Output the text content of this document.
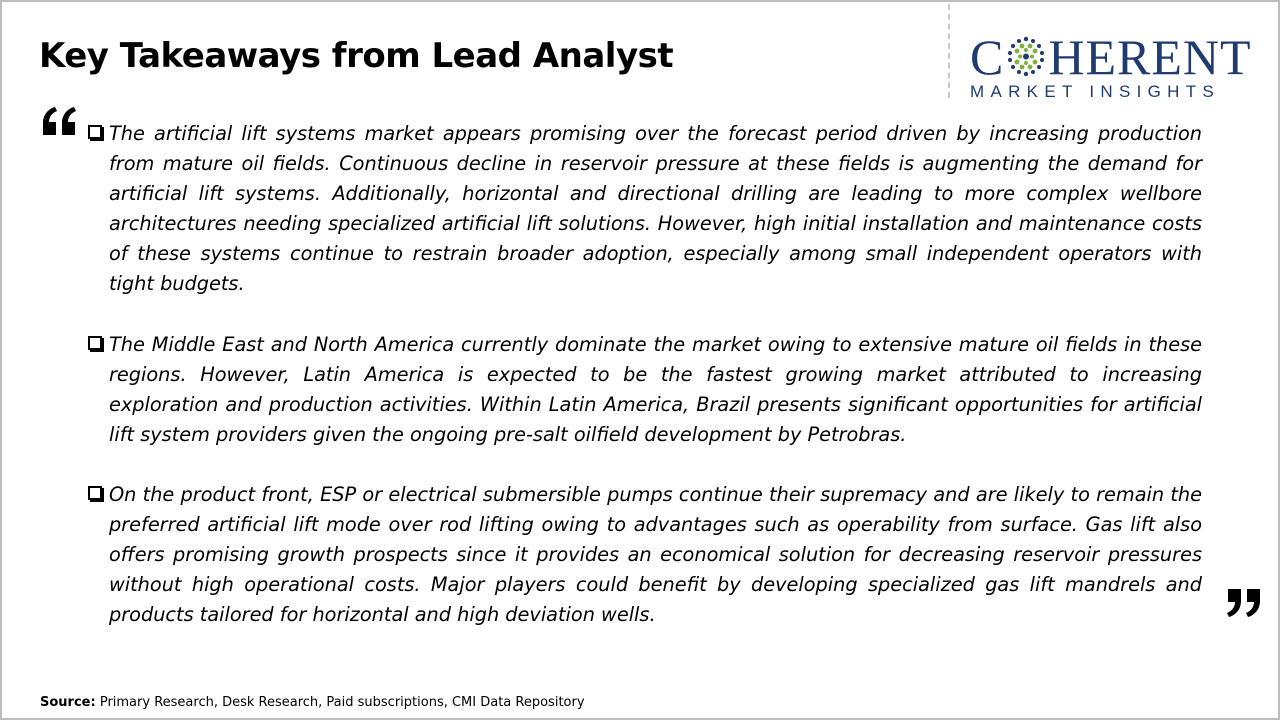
Key Takeaways from Lead Analyst	C HERENT
MARKET INSIGHTS

The artificial lift systems market appears promising over the forecast period driven by increasing production from mature oil fields. Continuous decline in reservoir pressure at these fields is augmenting the demand for artificial lift systems. Additionally, horizontal and directional drilling are leading to more complex wellbore architectures needing specialized artificial lift solutions. However, high initial installation and maintenance costs of these systems continue to restrain broader adoption, especially among small independent operators with tight budgets.

The Middle East and North America currently dominate the market owing to extensive mature oil fields in these regions. However, Latin America is expected to be the fastest growing market attributed to increasing exploration and production activities. Within Latin America, Brazil presents significant opportunities for artificial lift system providers given the ongoing pre-salt oilfield development by Petrobras.

On the product front, ESP or electrical submersible pumps continue their supremacy and are likely to remain the preferred artificial lift mode over rod lifting owing to advantages such as operability from surface. Gas lift also offers promising growth prospects since it provides an economical solution for decreasing reservoir pressures without high operational costs. Major players could benefit by developing specialized gas lift mandrels and products tailored for horizontal and high deviation wells.

Source: Primary Research, Desk Research, Paid subscriptions, CMI Data Repository
